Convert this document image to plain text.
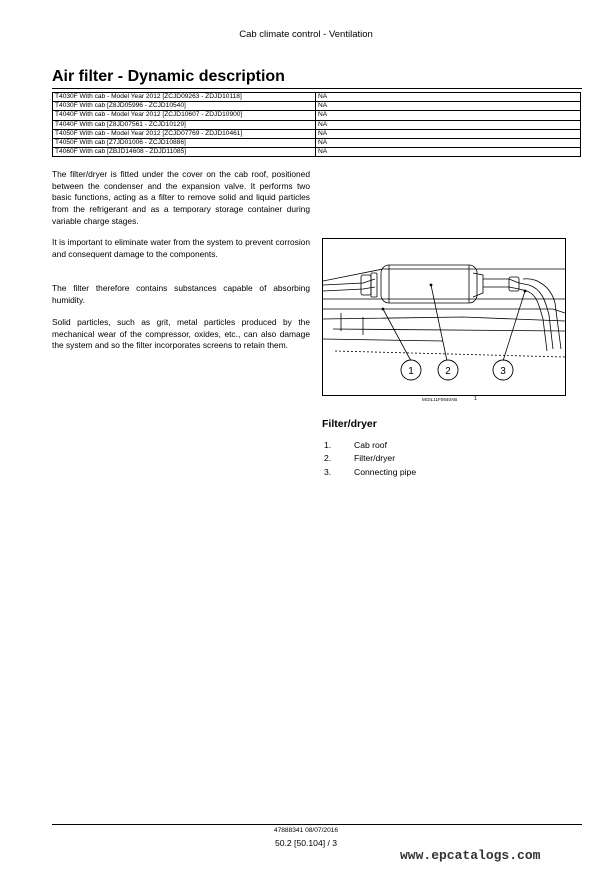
Cab climate control - Ventilation
Air filter - Dynamic description
T4030F With cab - Model Year 2012 [ZCJD09263 - ZDJD10118]	NA
T4030F With cab [Z8JD05996 - ZCJD10540]	NA
T4040F With cab - Model Year 2012 [ZCJD10607 - ZDJD10900]	NA
T4040F With cab [Z8JD07561 - ZCJD10129]	NA
T4050F With cab - Model Year 2012 [ZCJD07769 - ZDJD10461]	NA
T4050F With cab [Z7JD01006 - ZCJD10886]	NA
T4060F With cab [ZBJD14608 - ZDJD11085]	NA

The filter/dryer is fitted under the cover on the cab roof, positioned between the condenser and the expansion valve. It performs two basic functions, acting as a filter to remove solid and liquid particles from the refrigerant and as a temporary storage container during variable charge stages.

It is important to eliminate water from the system to prevent corrosion and consequent damage to the components.

The filter therefore contains substances capable of absorbing humidity.

Solid particles, such as grit, metal particles produced by the mechanical wear of the compressor, oxides, etc., can also damage the system and so the filter incorporates screens to retain them.

1	2	3
MOIL11F0640AB	1
Filter/dryer
1.	Cab roof
2.	Filter/dryer
3.	Connecting pipe
47888341 08/07/2016
50.2 [50.104] / 3
www.epcatalogs.com
